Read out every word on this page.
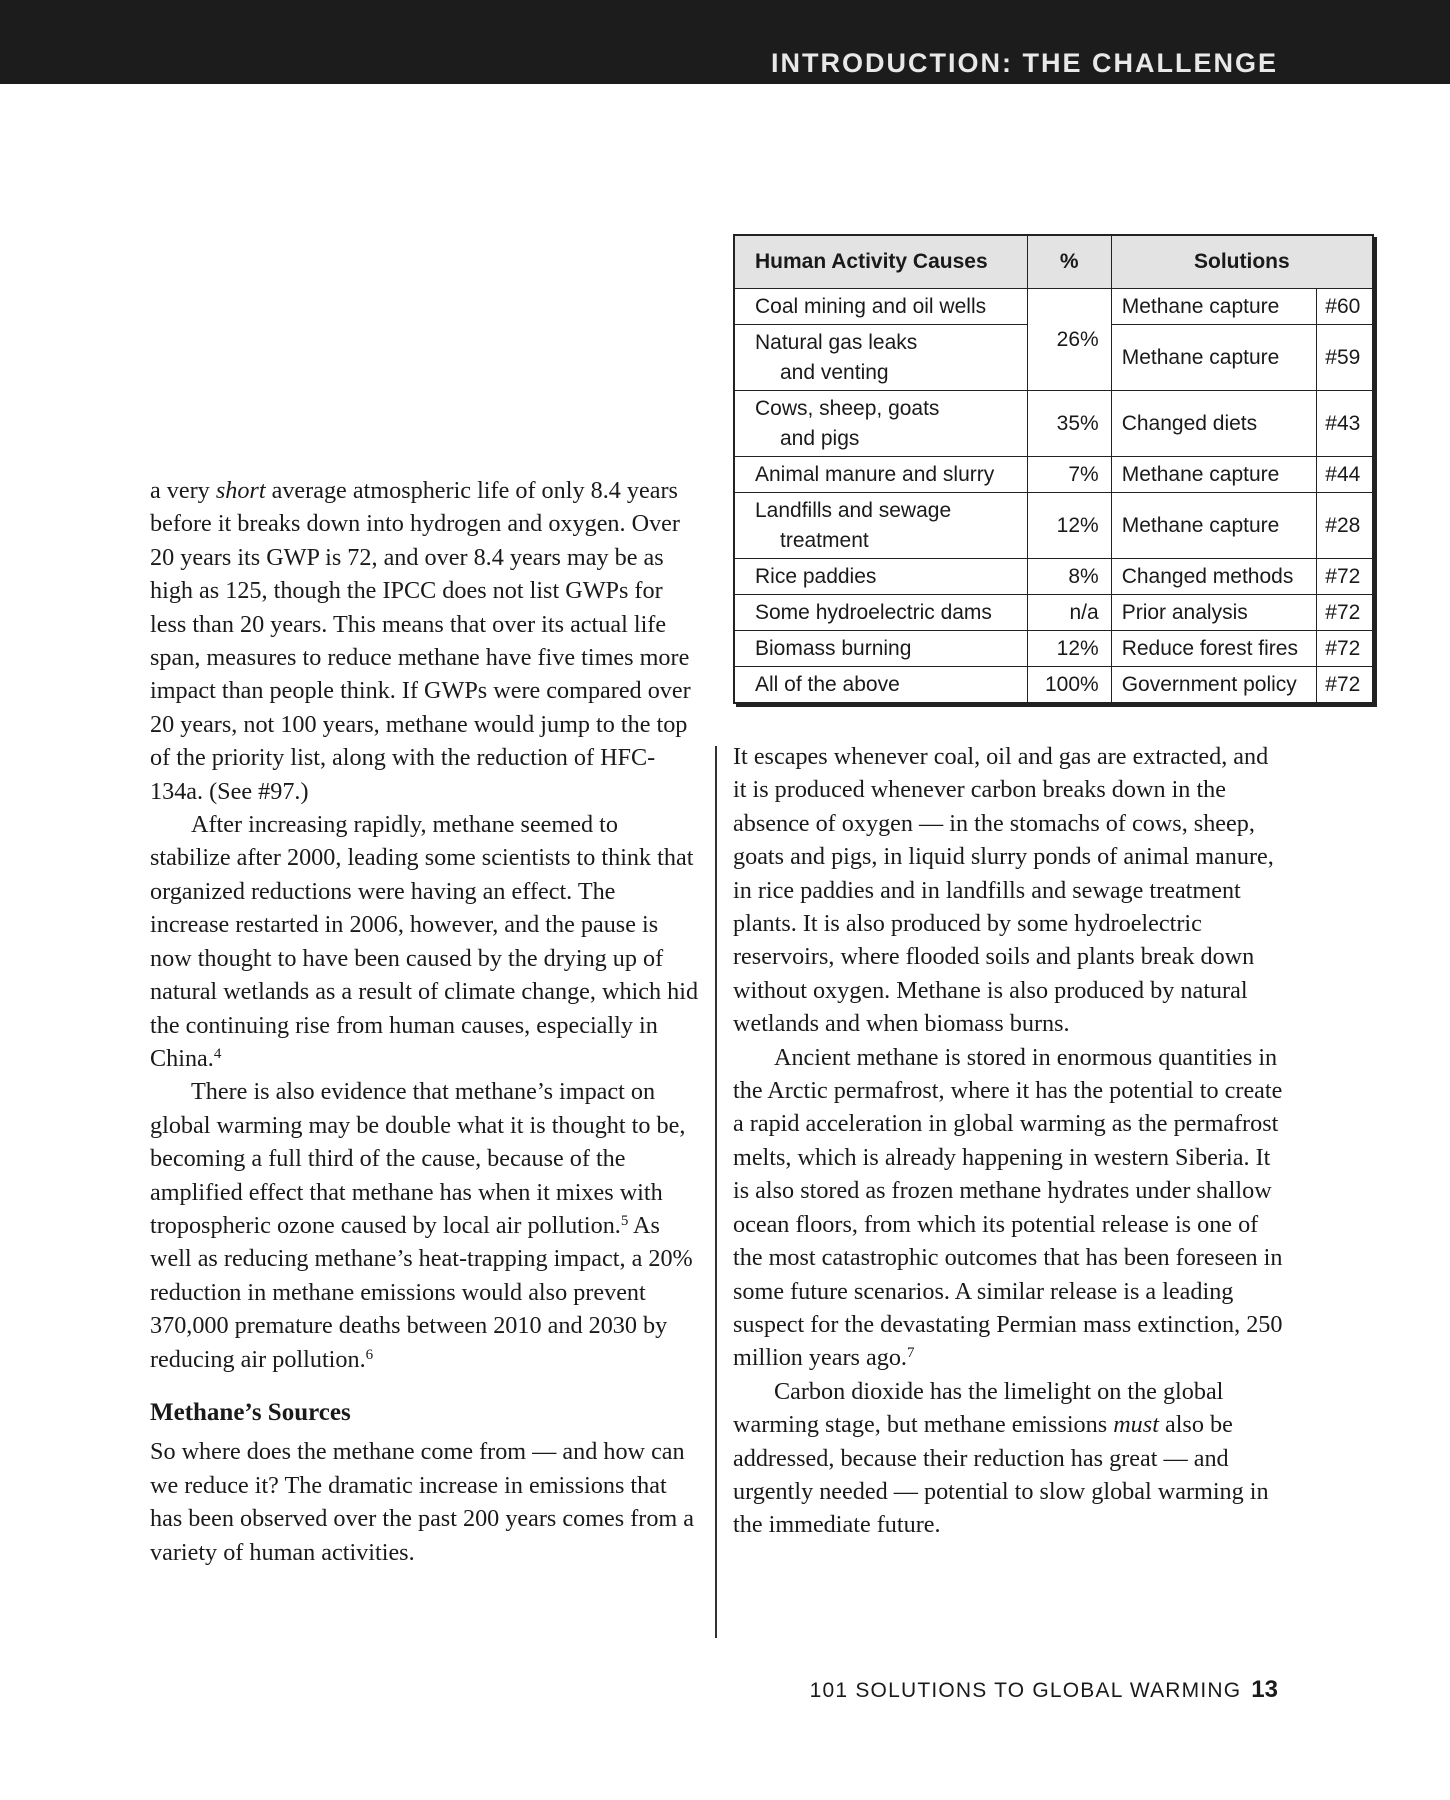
INTRODUCTION: THE CHALLENGE
Human Activity Causes	%	Solutions	
Coal mining and oil wells	26%	Methane capture	#60
Natural gas leaks
and venting		Methane capture	#59
Cows, sheep, goats
and pigs	35%	Changed diets	#43
Animal manure and slurry	7%	Methane capture	#44
Landfills and sewage
treatment	12%	Methane capture	#28
Rice paddies	8%	Changed methods	#72
Some hydroelectric dams	n/a	Prior analysis	#72
Biomass burning	12%	Reduce forest fires	#72
All of the above	100%	Government policy	#72

a very short average atmospheric life of only 8.4 years before it breaks down into hydrogen and oxygen. Over 20 years its GWP is 72, and over 8.4 years may be as high as 125, though the IPCC does not list GWPs for less than 20 years. This means that over its actual life span, measures to reduce methane have five times more impact than people think. If GWPs were compared over 20 years, not 100 years, methane would jump to the top of the priority list, along with the reduction of HFC-134a. (See #97.)

After increasing rapidly, methane seemed to stabilize after 2000, leading some scientists to think that organized reductions were having an effect. The increase restarted in 2006, however, and the pause is now thought to have been caused by the drying up of natural wetlands as a result of climate change, which hid the continuing rise from human causes, especially in China.$^4$

There is also evidence that methane’s impact on global warming may be double what it is thought to be, becoming a full third of the cause, because of the amplified effect that methane has when it mixes with tropospheric ozone caused by local air pollution.$^5$ As well as reducing methane’s heat-trapping impact, a 20% reduction in methane emissions would also prevent 370,000 premature deaths between 2010 and 2030 by reducing air pollution.$^6$

Methane’s Sources

So where does the methane come from — and how can we reduce it? The dramatic increase in emissions that has been observed over the past 200 years comes from a variety of human activities.

It escapes whenever coal, oil and gas are extracted, and it is produced whenever carbon breaks down in the absence of oxygen — in the stomachs of cows, sheep, goats and pigs, in liquid slurry ponds of animal manure, in rice paddies and in landfills and sewage treatment plants. It is also produced by some hydroelectric reservoirs, where flooded soils and plants break down without oxygen. Methane is also produced by natural wetlands and when biomass burns.

Ancient methane is stored in enormous quantities in the Arctic permafrost, where it has the potential to create a rapid acceleration in global warming as the permafrost melts, which is already happening in western Siberia. It is also stored as frozen methane hydrates under shallow ocean floors, from which its potential release is one of the most catastrophic outcomes that has been foreseen in some future scenarios. A similar release is a leading suspect for the devastating Permian mass extinction, 250 million years ago.$^7$

Carbon dioxide has the limelight on the global warming stage, but methane emissions must also be addressed, because their reduction has great — and urgently needed — potential to slow global warming in the immediate future.

101 SOLUTIONS TO GLOBAL WARMING 13
